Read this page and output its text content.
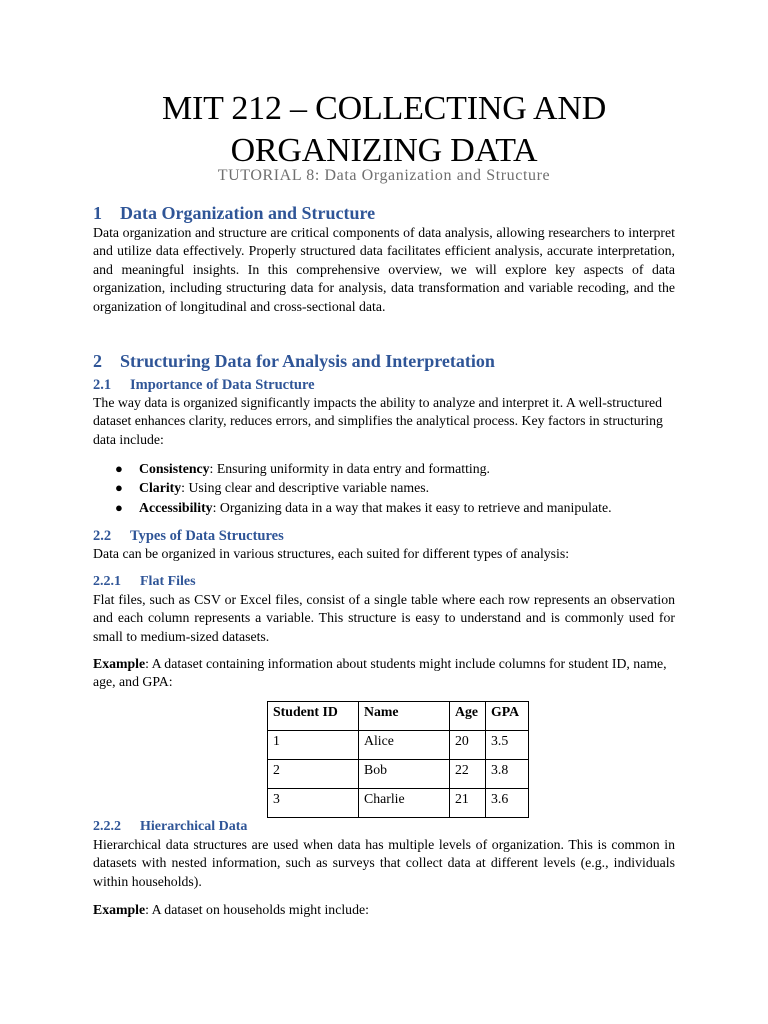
MIT 212 – COLLECTING AND ORGANIZING DATA
TUTORIAL 8: Data Organization and Structure
1 Data Organization and Structure

Data organization and structure are critical components of data analysis, allowing researchers to interpret and utilize data effectively. Properly structured data facilitates efficient analysis, accurate interpretation, and meaningful insights. In this comprehensive overview, we will explore key aspects of data organization, including structuring data for analysis, data transformation and variable recoding, and the organization of longitudinal and cross-sectional data.

2 Structuring Data for Analysis and Interpretation
2.1 Importance of Data Structure

The way data is organized significantly impacts the ability to analyze and interpret it. A well-structured dataset enhances clarity, reduces errors, and simplifies the analytical process. Key factors in structuring data include:

● Consistency: Ensuring uniformity in data entry and formatting.
● Clarity: Using clear and descriptive variable names.
● Accessibility: Organizing data in a way that makes it easy to retrieve and manipulate.
2.2 Types of Data Structures

Data can be organized in various structures, each suited for different types of analysis:

2.2.1 Flat Files

Flat files, such as CSV or Excel files, consist of a single table where each row represents an observation and each column represents a variable. This structure is easy to understand and is commonly used for small to medium-sized datasets.

Example: A dataset containing information about students might include columns for student ID, name, age, and GPA:

Student ID	Name	Age	GPA
1	Alice	20	3.5
2	Bob	22	3.8
3	Charlie	21	3.6
2.2.2 Hierarchical Data

Hierarchical data structures are used when data has multiple levels of organization. This is common in datasets with nested information, such as surveys that collect data at different levels (e.g., individuals within households).

Example: A dataset on households might include:
